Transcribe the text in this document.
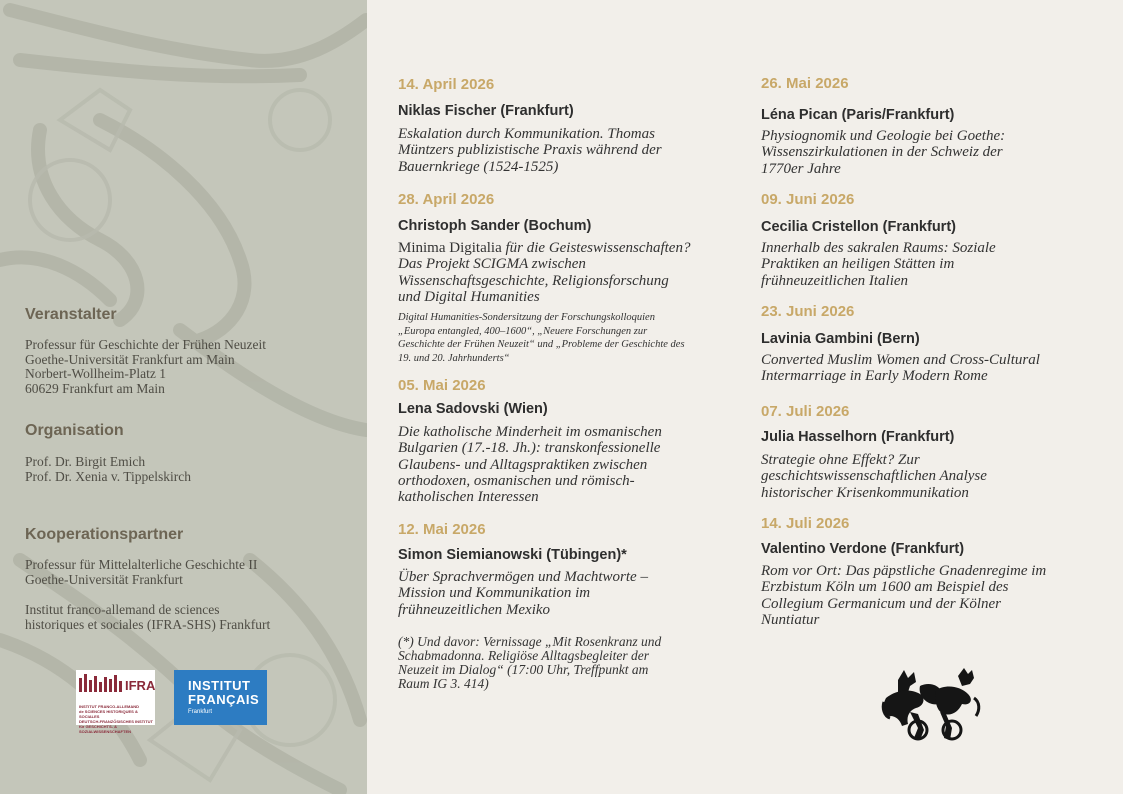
Veranstalter

Professur für Geschichte der Frühen Neuzeit
Goethe-Universität Frankfurt am Main
Norbert-Wollheim-Platz 1
60629 Frankfurt am Main

Organisation

Prof. Dr. Birgit Emich
Prof. Dr. Xenia v. Tippelskirch

Kooperationspartner

Professur für Mittelalterliche Geschichte II
Goethe-Universität Frankfurt

Institut franco-allemand de sciences
historiques et sociales (IFRA-SHS) Frankfurt

IFRA
INSTITUT FRANCO-ALLEMAND
de SCIENCES HISTORIQUES & SOCIALES
DEUTSCH-FRANZÖSISCHES INSTITUT
für GESCHICHTS- & SOZIALWISSENSCHAFTEN
INSTITUT
FRANÇAIS
Frankfurt

14. April 2026

Niklas Fischer (Frankfurt)

Eskalation durch Kommunikation. Thomas
Müntzers publizistische Praxis während der
Bauernkriege (1524-1525)

28. April 2026

Christoph Sander (Bochum)

Minima Digitalia für die Geisteswissenschaften?
Das Projekt SCIGMA zwischen
Wissenschaftsgeschichte, Religionsforschung
und Digital Humanities

Digital Humanities-Sondersitzung der Forschungskolloquien
„Europa entangled, 400–1600“, „Neuere Forschungen zur
Geschichte der Frühen Neuzeit“ und „Probleme der Geschichte des
19. und 20. Jahrhunderts“

05. Mai 2026

Lena Sadovski (Wien)

Die katholische Minderheit im osmanischen
Bulgarien (17.-18. Jh.): transkonfessionelle
Glaubens- und Alltagspraktiken zwischen
orthodoxen, osmanischen und römisch-
katholischen Interessen

12. Mai 2026

Simon Siemianowski (Tübingen)*

Über Sprachvermögen und Machtworte –
Mission und Kommunikation im
frühneuzeitlichen Mexiko

(*) Und davor: Vernissage „Mit Rosenkranz und
Schabmadonna. Religiöse Alltagsbegleiter der
Neuzeit im Dialog“ (17:00 Uhr, Treffpunkt am
Raum IG 3. 414)

26. Mai 2026

Léna Pican (Paris/Frankfurt)

Physiognomik und Geologie bei Goethe:
Wissenszirkulationen in der Schweiz der
1770er Jahre

09. Juni 2026

Cecilia Cristellon (Frankfurt)

Innerhalb des sakralen Raums: Soziale
Praktiken an heiligen Stätten im
frühneuzeitlichen Italien

23. Juni 2026

Lavinia Gambini (Bern)

Converted Muslim Women and Cross-Cultural
Intermarriage in Early Modern Rome

07. Juli 2026

Julia Hasselhorn (Frankfurt)

Strategie ohne Effekt? Zur
geschichtswissenschaftlichen Analyse
historischer Krisenkommunikation

14. Juli 2026

Valentino Verdone (Frankfurt)

Rom vor Ort: Das päpstliche Gnadenregime im
Erzbistum Köln um 1600 am Beispiel des
Collegium Germanicum und der Kölner
Nuntiatur
